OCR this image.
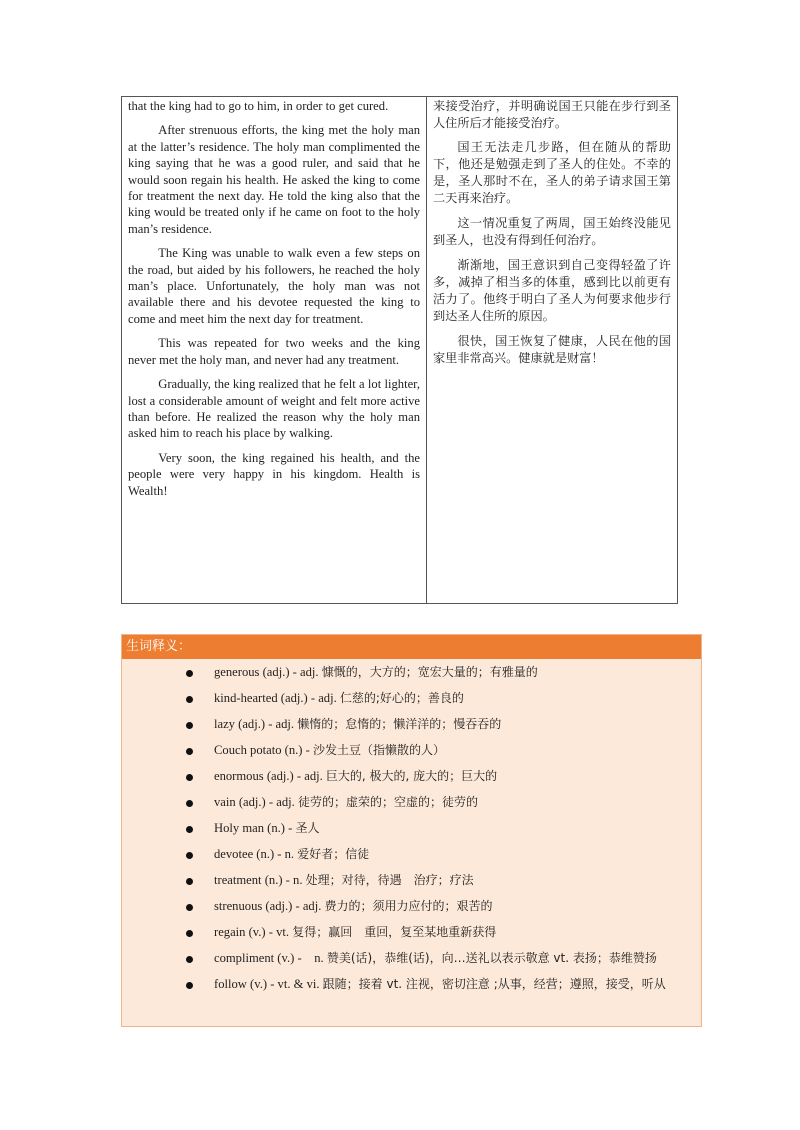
that the king had to go to him, in order to get cured.

After strenuous efforts, the king met the holy man at the latter’s residence. The holy man complimented the king saying that he was a good ruler, and said that he would soon regain his health. He asked the king to come for treatment the next day. He told the king also that the king would be treated only if he came on foot to the holy man’s residence.

The King was unable to walk even a few steps on the road, but aided by his followers, he reached the holy man’s place. Unfortunately, the holy man was not available there and his devotee requested the king to come and meet him the next day for treatment.

This was repeated for two weeks and the king never met the holy man, and never had any treatment.

Gradually, the king realized that he felt a lot lighter, lost a considerable amount of weight and felt more active than before. He realized the reason why the holy man asked him to reach his place by walking.

Very soon, the king regained his health, and the people were very happy in his kingdom. Health is Wealth!

来接受治疗，并明确说国王只能在步行到圣人住所后才能接受治疗。

国王无法走几步路，但在随从的帮助下，他还是勉强走到了圣人的住处。不幸的是，圣人那时不在，圣人的弟子请求国王第二天再来治疗。

这一情况重复了两周，国王始终没能见到圣人，也没有得到任何治疗。

渐渐地，国王意识到自己变得轻盈了许多，减掉了相当多的体重，感到比以前更有活力了。他终于明白了圣人为何要求他步行到达圣人住所的原因。

很快，国王恢复了健康，人民在他的国家里非常高兴。健康就是财富！

生词释义：
generous (adj.) - adj. 慷慨的，大方的；宽宏大量的；有雅量的
kind-hearted (adj.) - adj. 仁慈的;好心的；善良的
lazy (adj.) - adj. 懒惰的；怠惰的；懒洋洋的；慢吞吞的
Couch potato (n.) - 沙发土豆（指懒散的人）
enormous (adj.) - adj. 巨大的, 极大的, 庞大的；巨大的
vain (adj.) - adj. 徒劳的；虚荣的；空虚的；徒劳的
Holy man (n.) - 圣人
devotee (n.) - n. 爱好者；信徒
treatment (n.) - n. 处理；对待，待遇　治疗；疗法
strenuous (adj.) - adj. 费力的；须用力应付的；艰苦的
regain (v.) - vt. 复得；赢回　重回，复至某地重新获得
compliment (v.) -　n. 赞美(话)，恭维(话)，向…送礼以表示敬意 vt. 表扬；恭维赞扬
follow (v.) - vt. & vi. 跟随；接着 vt. 注视，密切注意 ;从事，经营；遵照，接受，听从
